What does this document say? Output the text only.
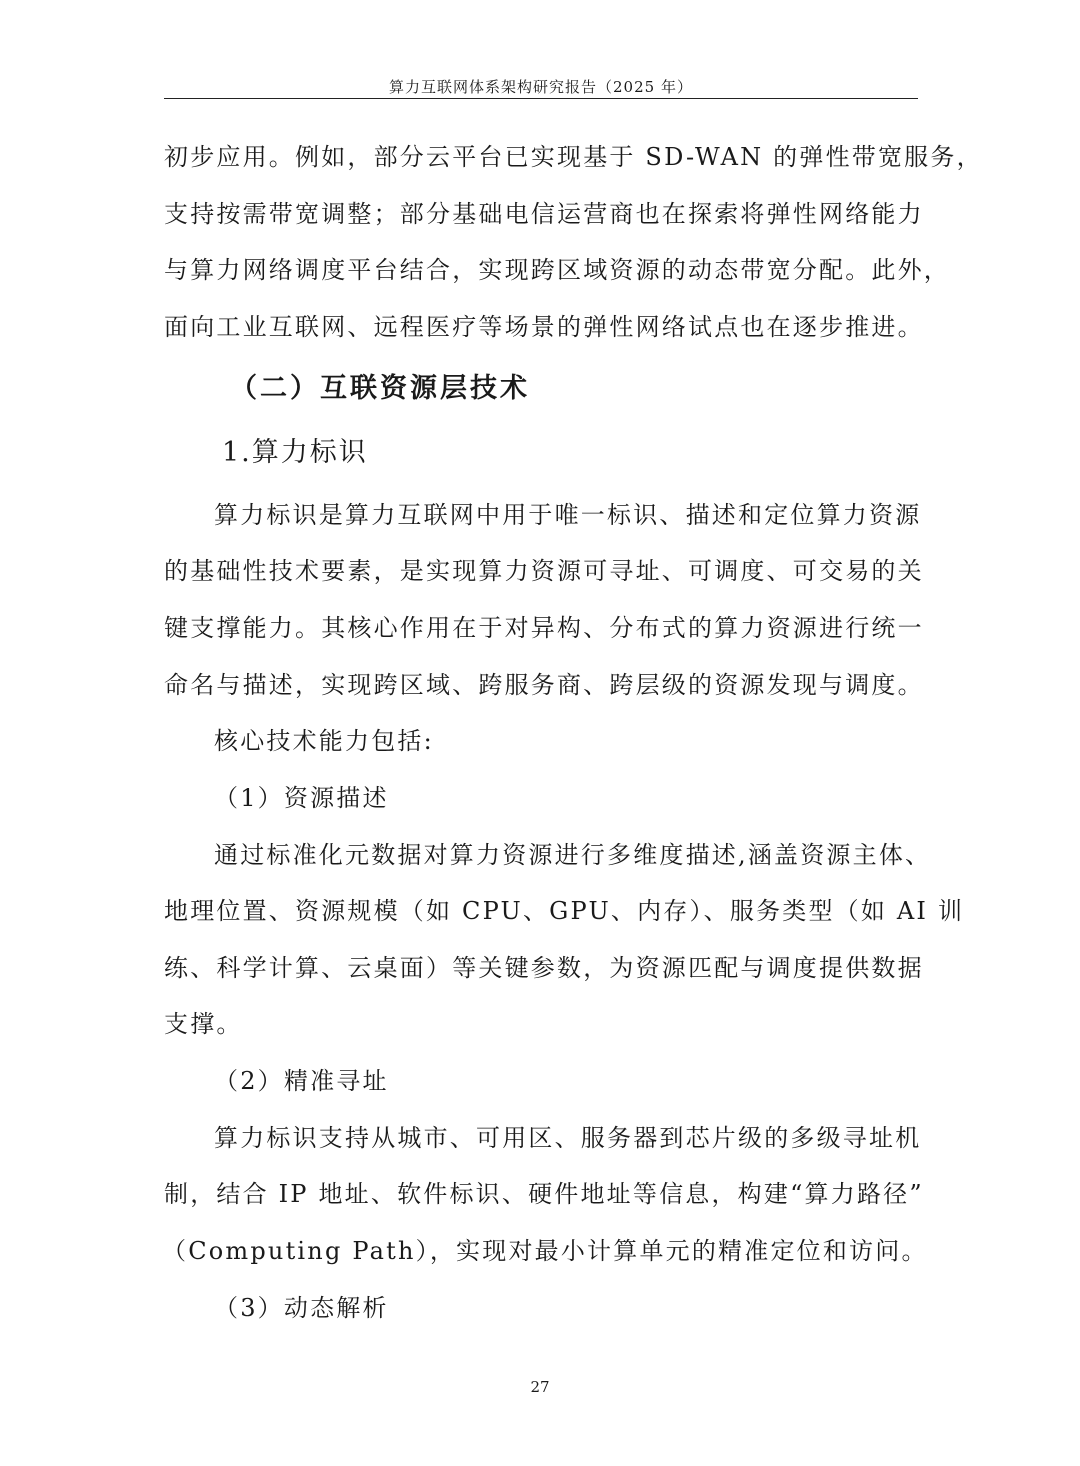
算力互联网体系架构研究报告（2025 年）
初步应用。例如，部分云平台已实现基于 SD-WAN 的弹性带宽服务，
支持按需带宽调整；部分基础电信运营商也在探索将弹性网络能力
与算力网络调度平台结合，实现跨区域资源的动态带宽分配。此外，
面向工业互联网、远程医疗等场景的弹性网络试点也在逐步推进。
（二）互联资源层技术
1.算力标识
算力标识是算力互联网中用于唯一标识、描述和定位算力资源
的基础性技术要素，是实现算力资源可寻址、可调度、可交易的关
键支撑能力。其核心作用在于对异构、分布式的算力资源进行统一
命名与描述，实现跨区域、跨服务商、跨层级的资源发现与调度。
核心技术能力包括:
（1）资源描述
通过标准化元数据对算力资源进行多维度描述,涵盖资源主体、
地理位置、资源规模（如 CPU、GPU、内存）、服务类型（如 AI 训
练、科学计算、云桌面）等关键参数，为资源匹配与调度提供数据
支撑。
（2）精准寻址
算力标识支持从城市、可用区、服务器到芯片级的多级寻址机
制，结合 IP 地址、软件标识、硬件地址等信息，构建“算力路径”
（Computing Path），实现对最小计算单元的精准定位和访问。
（3）动态解析
27
